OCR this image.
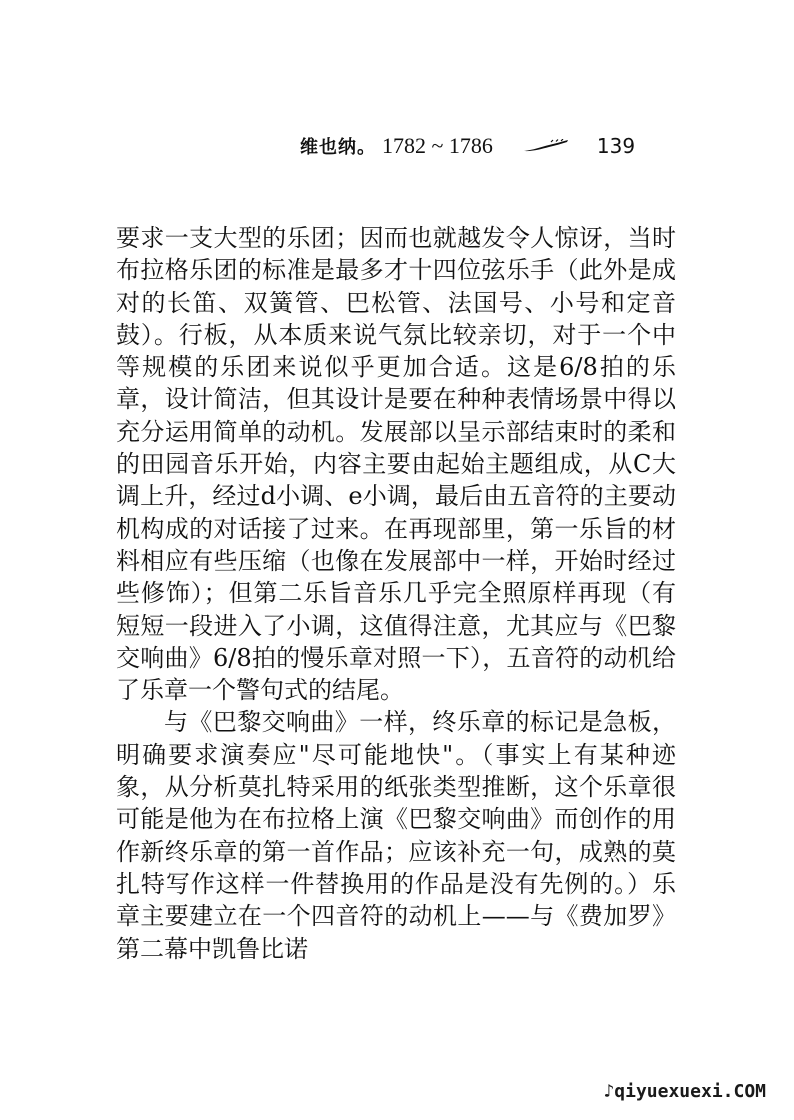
维也纳。 1782 ~ 1786	139

要求一支大型的乐团；因而也就越发令人惊讶，当时布拉格乐团的标准是最多才十四位弦乐手（此外是成对的长笛、双簧管、巴松管、法国号、小号和定音鼓）。行板，从本质来说气氛比较亲切，对于一个中等规模的乐团来说似乎更加合适。这是6/8拍的乐章，设计简洁，但其设计是要在种种表情场景中得以充分运用简单的动机。发展部以呈示部结束时的柔和的田园音乐开始，内容主要由起始主题组成，从C大调上升，经过d小调、e小调，最后由五音符的主要动机构成的对话接了过来。在再现部里，第一乐旨的材料相应有些压缩（也像在发展部中一样，开始时经过些修饰）；但第二乐旨音乐几乎完全照原样再现（有短短一段进入了小调，这值得注意，尤其应与《巴黎交响曲》6/8拍的慢乐章对照一下），五音符的动机给了乐章一个警句式的结尾。

与《巴黎交响曲》一样，终乐章的标记是急板，明确要求演奏应"尽可能地快"。（事实上有某种迹象，从分析莫扎特采用的纸张类型推断，这个乐章很可能是他为在布拉格上演《巴黎交响曲》而创作的用作新终乐章的第一首作品；应该补充一句，成熟的莫扎特写作这样一件替换用的作品是没有先例的。）乐章主要建立在一个四音符的动机上——与《费加罗》第二幕中凯鲁比诺

♪qiyuexuexi.COM
